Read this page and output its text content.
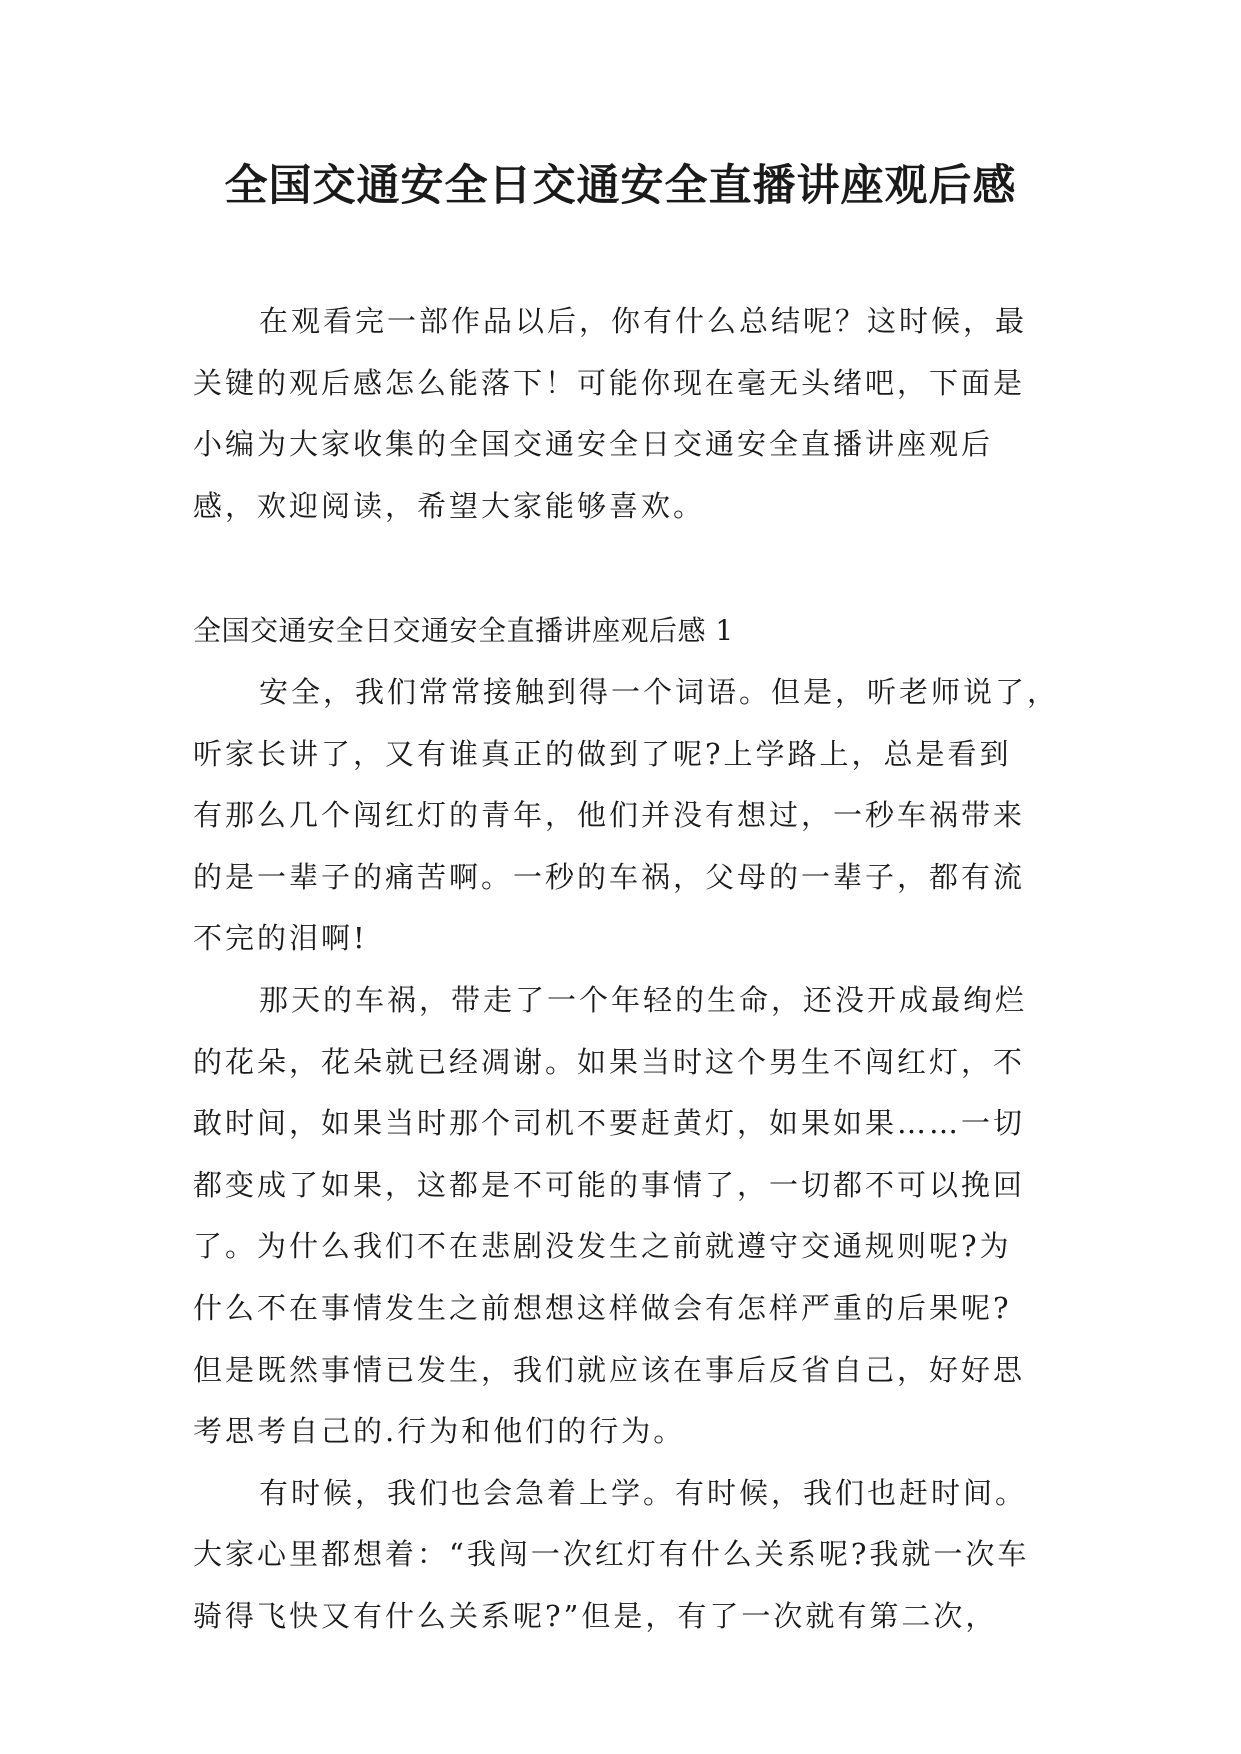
全国交通安全日交通安全直播讲座观后感
在观看完一部作品以后，你有什么总结呢？这时候，最
关键的观后感怎么能落下！可能你现在毫无头绪吧，下面是
小编为大家收集的全国交通安全日交通安全直播讲座观后
感，欢迎阅读，希望大家能够喜欢。
全国交通安全日交通安全直播讲座观后感 1
安全，我们常常接触到得一个词语。但是，听老师说了，
听家长讲了，又有谁真正的做到了呢?上学路上，总是看到
有那么几个闯红灯的青年，他们并没有想过，一秒车祸带来
的是一辈子的痛苦啊。一秒的车祸，父母的一辈子，都有流
不完的泪啊!
那天的车祸，带走了一个年轻的生命，还没开成最绚烂
的花朵，花朵就已经凋谢。如果当时这个男生不闯红灯，不
敢时间，如果当时那个司机不要赶黄灯，如果如果……一切
都变成了如果，这都是不可能的事情了，一切都不可以挽回
了。为什么我们不在悲剧没发生之前就遵守交通规则呢?为
什么不在事情发生之前想想这样做会有怎样严重的后果呢?
但是既然事情已发生，我们就应该在事后反省自己，好好思
考思考自己的.行为和他们的行为。
有时候，我们也会急着上学。有时候，我们也赶时间。
大家心里都想着：“我闯一次红灯有什么关系呢?我就一次车
骑得飞快又有什么关系呢?”但是，有了一次就有第二次，
